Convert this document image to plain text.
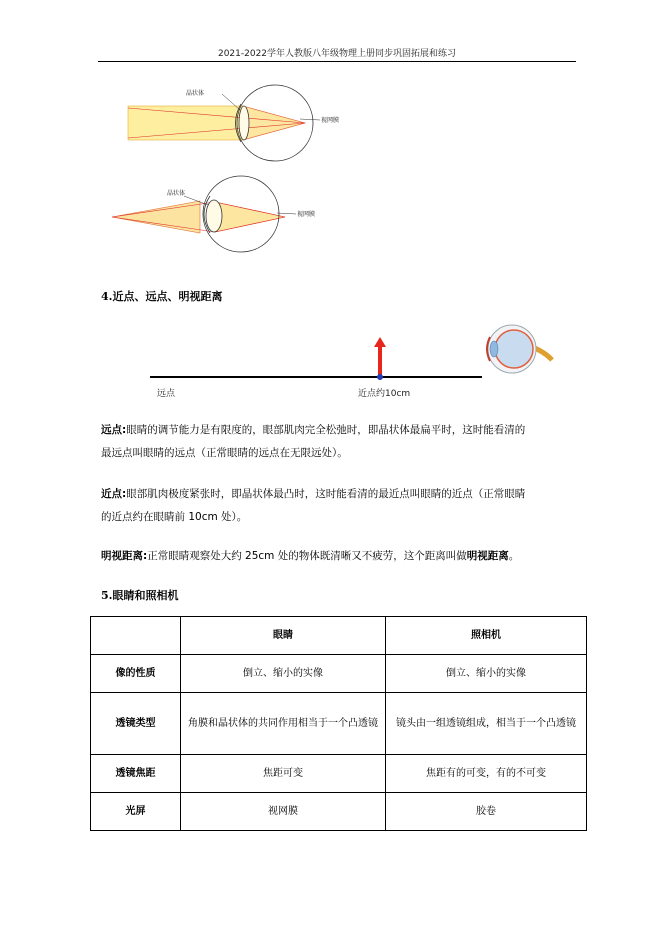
2021-2022学年人教版八年级物理上册同步巩固拓展和练习
晶状体
视网膜
晶状体
视网膜
远点	近点约10cm
4.近点、远点、明视距离
远点:眼睛的调节能力是有限度的，眼部肌肉完全松弛时，即晶状体最扁平时，这时能看清的
最远点叫眼睛的远点（正常眼睛的远点在无限远处）。
近点:眼部肌肉极度紧张时，即晶状体最凸时，这时能看清的最近点叫眼睛的近点（正常眼睛
的近点约在眼睛前 10cm 处）。
明视距离:正常眼睛观察处大约 25cm 处的物体既清晰又不疲劳，这个距离叫做明视距离。
5.眼睛和照相机
	眼睛	照相机
像的性质	倒立、缩小的实像	倒立、缩小的实像
透镜类型	角膜和晶状体的共同作用相当于一个凸透镜	镜头由一组透镜组成，相当于一个凸透镜
透镜焦距	焦距可变	焦距有的可变，有的不可变
光屏	视网膜	胶卷
